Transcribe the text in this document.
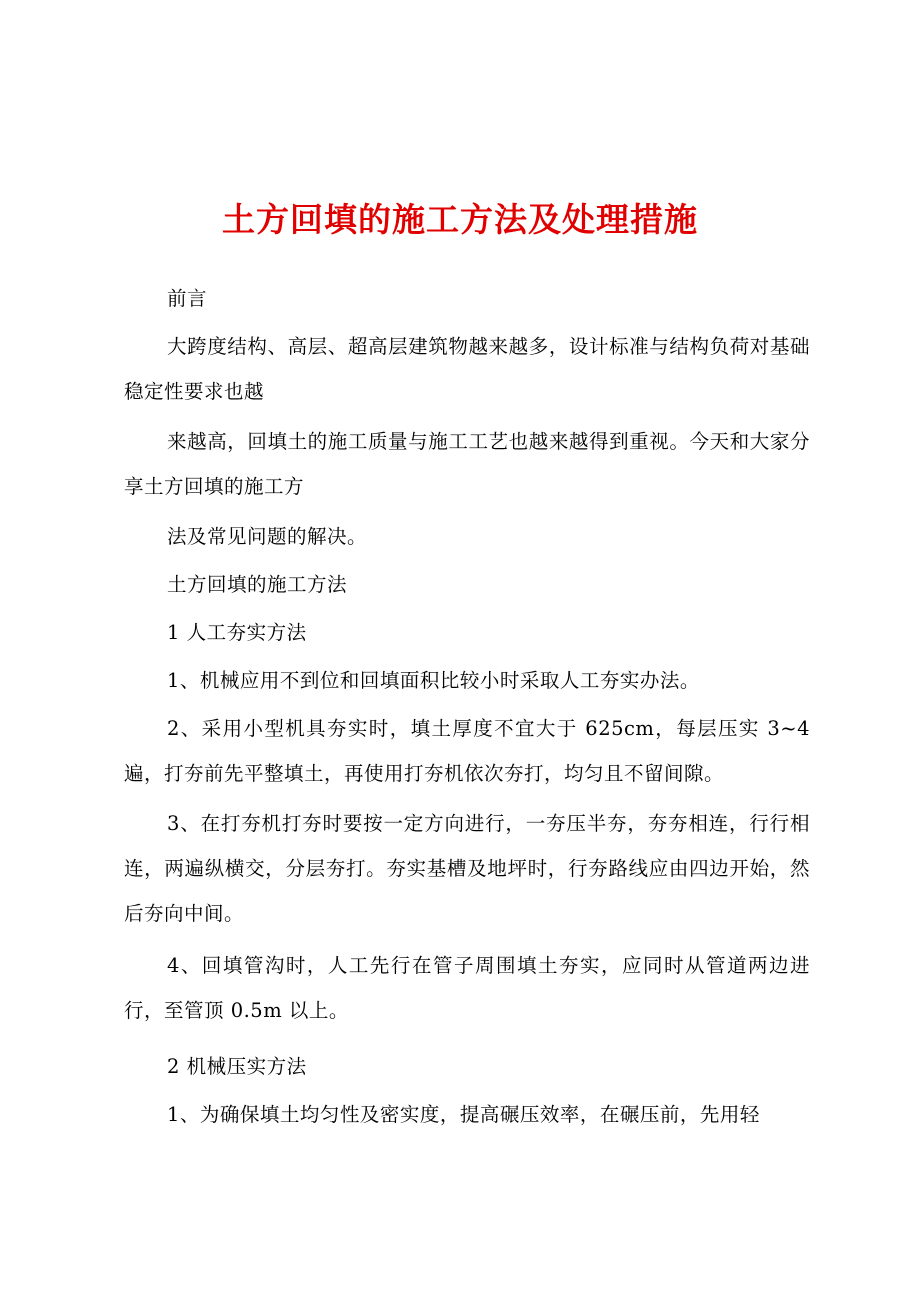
土方回填的施工方法及处理措施

前言

大跨度结构、高层、超高层建筑物越来越多，设计标准与结构负荷对基础稳定性要求也越

来越高，回填土的施工质量与施工工艺也越来越得到重视。今天和大家分享土方回填的施工方

法及常见问题的解决。

土方回填的施工方法

1 人工夯实方法

1、机械应用不到位和回填面积比较小时采取人工夯实办法。

2、采用小型机具夯实时，填土厚度不宜大于 625cm，每层压实 3~4 遍，打夯前先平整填土，再使用打夯机依次夯打，均匀且不留间隙。

3、在打夯机打夯时要按一定方向进行，一夯压半夯，夯夯相连，行行相连，两遍纵横交，分层夯打。夯实基槽及地坪时，行夯路线应由四边开始，然后夯向中间。

4、回填管沟时，人工先行在管子周围填土夯实，应同时从管道两边进行，至管顶 0.5m 以上。

2 机械压实方法

1、为确保填土均匀性及密实度，提高碾压效率，在碾压前，先用轻
